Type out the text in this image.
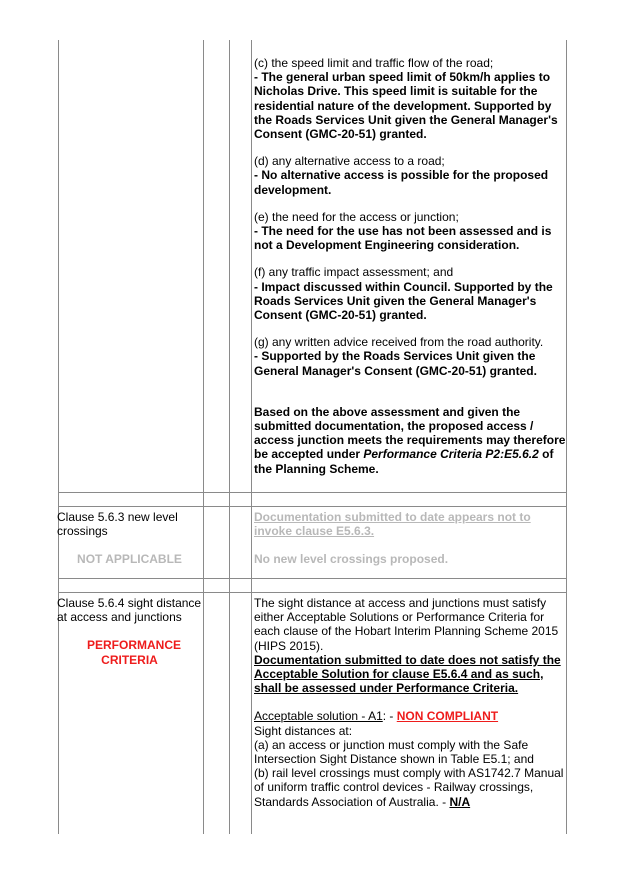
(c) the speed limit and traffic flow of the road;

- The general urban speed limit of 50km/h applies to Nicholas Drive. This speed limit is suitable for the residential nature of the development. Supported by the Roads Services Unit given the General Manager's Consent (GMC-20-51) granted.

(d) any alternative access to a road;

- No alternative access is possible for the proposed development.

(e) the need for the access or junction;

- The need for the use has not been assessed and is not a Development Engineering consideration.

(f) any traffic impact assessment; and

- Impact discussed within Council. Supported by the Roads Services Unit given the General Manager's Consent (GMC-20-51) granted.

(g) any written advice received from the road authority.

- Supported by the Roads Services Unit given the General Manager's Consent (GMC-20-51) granted.

Based on the above assessment and given the submitted documentation, the proposed access / access junction meets the requirements may therefore be accepted under Performance Criteria P2:E5.6.2 of the Planning Scheme.

Clause 5.6.3 new level crossings

NOT APPLICABLE

Documentation submitted to date appears not to invoke clause E5.6.3.

No new level crossings proposed.

Clause 5.6.4 sight distance at access and junctions

PERFORMANCE CRITERIA

The sight distance at access and junctions must satisfy either Acceptable Solutions or Performance Criteria for each clause of the Hobart Interim Planning Scheme 2015 (HIPS 2015).

Documentation submitted to date does not satisfy the Acceptable Solution for clause E5.6.4 and as such, shall be assessed under Performance Criteria.

Acceptable solution - A1: - NON COMPLIANT

Sight distances at:

(a) an access or junction must comply with the Safe Intersection Sight Distance shown in Table E5.1; and

(b) rail level crossings must comply with AS1742.7 Manual of uniform traffic control devices - Railway crossings, Standards Association of Australia. - N/A
